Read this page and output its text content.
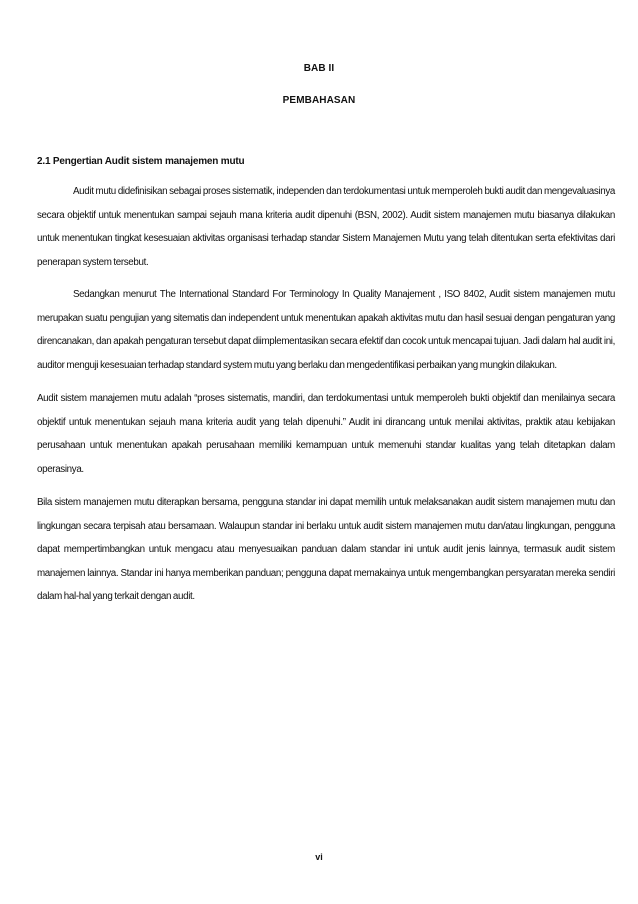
BAB II
PEMBAHASAN
2.1 Pengertian Audit sistem manajemen mutu

Audit mutu didefinisikan sebagai proses sistematik, independen dan terdokumentasi untuk memperoleh bukti audit dan mengevaluasinya secara objektif untuk menentukan sampai sejauh mana kriteria audit dipenuhi (BSN, 2002). Audit sistem manajemen mutu biasanya dilakukan untuk menentukan tingkat kesesuaian aktivitas organisasi terhadap standar Sistem Manajemen Mutu yang telah ditentukan serta efektivitas dari penerapan system tersebut.

Sedangkan menurut The International Standard For Terminology In Quality Manajement , ISO 8402, Audit sistem manajemen mutu merupakan suatu pengujian yang sitematis dan independent untuk menentukan apakah aktivitas mutu dan hasil sesuai dengan pengaturan yang direncanakan, dan apakah pengaturan tersebut dapat diimplementasikan secara efektif dan cocok untuk mencapai tujuan. Jadi dalam hal audit ini, auditor menguji kesesuaian terhadap standard system mutu yang berlaku dan mengedentifikasi perbaikan yang mungkin dilakukan.

Audit sistem manajemen mutu adalah “proses sistematis, mandiri, dan terdokumentasi untuk memperoleh bukti objektif dan menilainya secara objektif untuk menentukan sejauh mana kriteria audit yang telah dipenuhi.” Audit ini dirancang untuk menilai aktivitas, praktik atau kebijakan perusahaan untuk menentukan apakah perusahaan memiliki kemampuan untuk memenuhi standar kualitas yang telah ditetapkan dalam operasinya.

Bila sistem manajemen mutu diterapkan bersama, pengguna standar ini dapat memilih untuk melaksanakan audit sistem manajemen mutu dan lingkungan secara terpisah atau bersamaan. Walaupun standar ini berlaku untuk audit sistem manajemen mutu dan/atau lingkungan, pengguna dapat mempertimbangkan untuk mengacu atau menyesuaikan panduan dalam standar ini untuk audit jenis lainnya, termasuk audit sistem manajemen lainnya. Standar ini hanya memberikan panduan; pengguna dapat memakainya untuk mengembangkan persyaratan mereka sendiri dalam hal-hal yang terkait dengan audit.

vi
